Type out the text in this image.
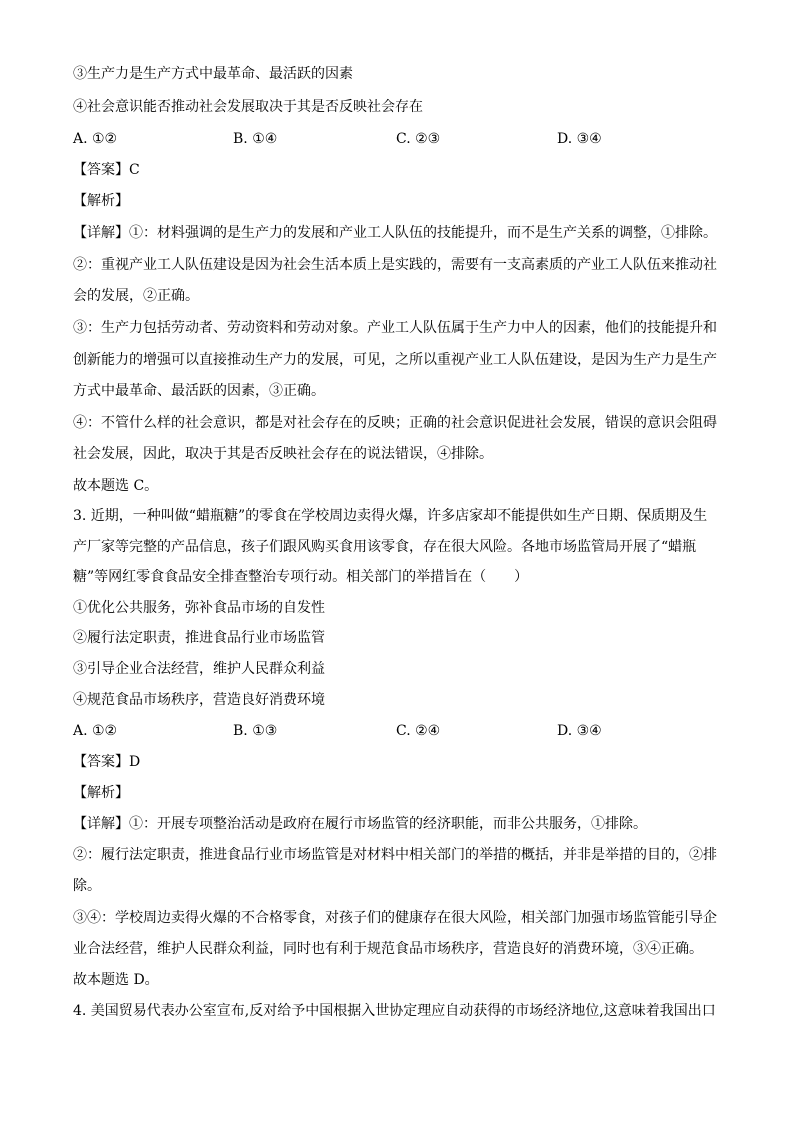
③生产力是生产方式中最革命、最活跃的因素
④社会意识能否推动社会发展取决于其是否反映社会存在
A. ①②	B. ①④	C. ②③	D. ③④
【答案】C
【解析】
【详解】①：材料强调的是生产力的发展和产业工人队伍的技能提升，而不是生产关系的调整，①排除。
②：重视产业工人队伍建设是因为社会生活本质上是实践的，需要有一支高素质的产业工人队伍来推动社
会的发展，②正确。
③：生产力包括劳动者、劳动资料和劳动对象。产业工人队伍属于生产力中人的因素，他们的技能提升和
创新能力的增强可以直接推动生产力的发展，可见，之所以重视产业工人队伍建设，是因为生产力是生产
方式中最革命、最活跃的因素，③正确。
④：不管什么样的社会意识，都是对社会存在的反映；正确的社会意识促进社会发展，错误的意识会阻碍
社会发展，因此，取决于其是否反映社会存在的说法错误，④排除。
故本题选 C。
3. 近期，一种叫做“蜡瓶糖”的零食在学校周边卖得火爆，许多店家却不能提供如生产日期、保质期及生
产厂家等完整的产品信息，孩子们跟风购买食用该零食，存在很大风险。各地市场监管局开展了“蜡瓶
糖”等网红零食食品安全排查整治专项行动。相关部门的举措旨在（　　）
①优化公共服务，弥补食品市场的自发性
②履行法定职责，推进食品行业市场监管
③引导企业合法经营，维护人民群众利益
④规范食品市场秩序，营造良好消费环境
A. ①②	B. ①③	C. ②④	D. ③④
【答案】D
【解析】
【详解】①：开展专项整治活动是政府在履行市场监管的经济职能，而非公共服务，①排除。
②：履行法定职责，推进食品行业市场监管是对材料中相关部门的举措的概括，并非是举措的目的，②排
除。
③④：学校周边卖得火爆的不合格零食，对孩子们的健康存在很大风险，相关部门加强市场监管能引导企
业合法经营，维护人民群众利益，同时也有利于规范食品市场秩序，营造良好的消费环境，③④正确。
故本题选 D。
4. 美国贸易代表办公室宣布,反对给予中国根据入世协定理应自动获得的市场经济地位,这意味着我国出口
